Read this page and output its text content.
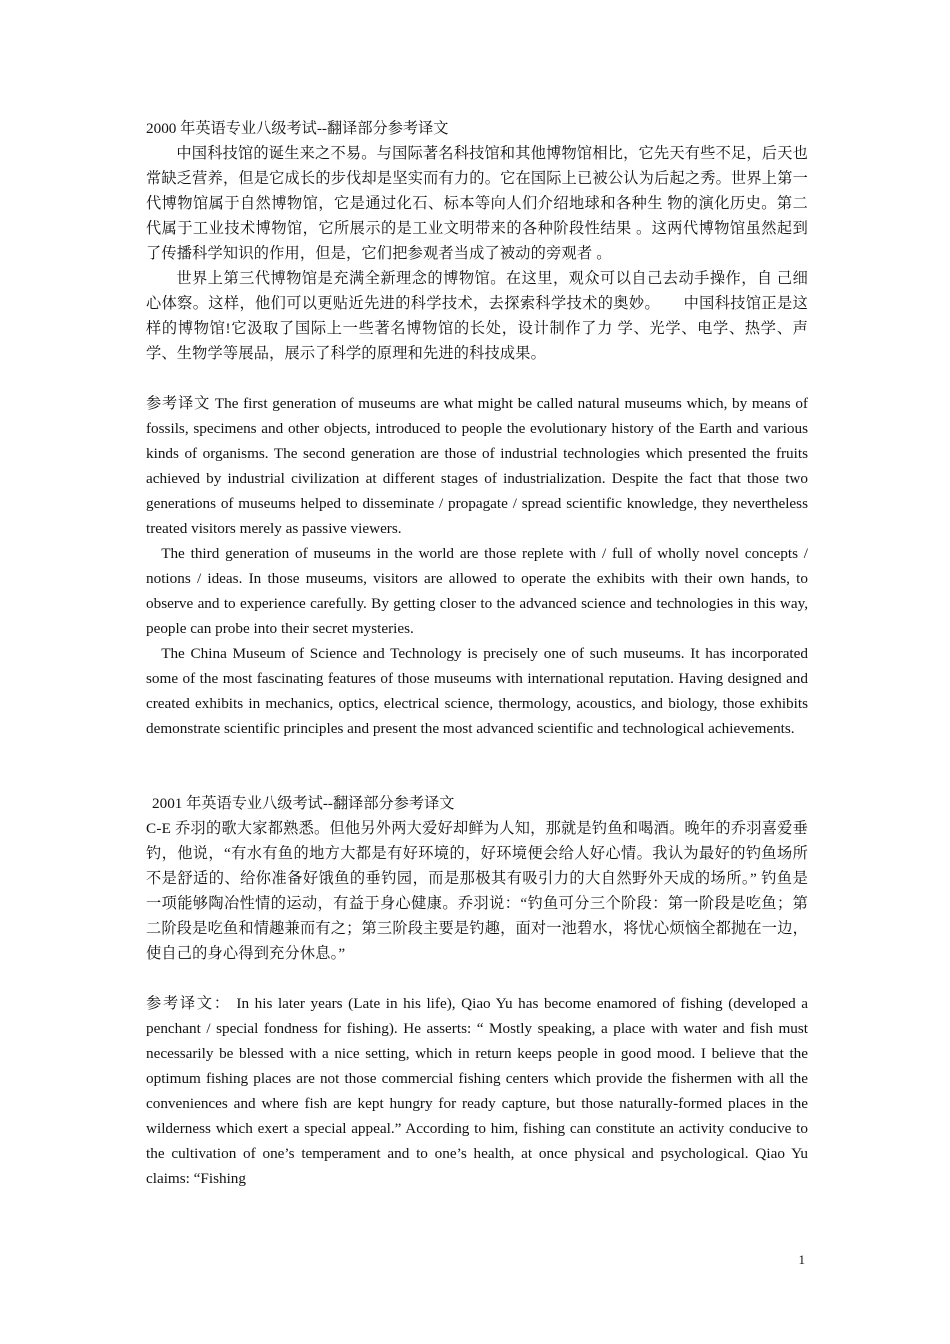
2000 年英语专业八级考试--翻译部分参考译文

中国科技馆的诞生来之不易。与国际著名科技馆和其他博物馆相比，它先天有些不足，后天也常缺乏营养，但是它成长的步伐却是坚实而有力的。它在国际上已被公认为后起之秀。世界上第一代博物馆属于自然博物馆，它是通过化石、标本等向人们介绍地球和各种生 物的演化历史。第二代属于工业技术博物馆，它所展示的是工业文明带来的各种阶段性结果 。这两代博物馆虽然起到了传播科学知识的作用，但是，它们把参观者当成了被动的旁观者 。

世界上第三代博物馆是充满全新理念的博物馆。在这里，观众可以自己去动手操作，自 己细心体察。这样，他们可以更贴近先进的科学技术，去探索科学技术的奥妙。　　中国科技馆正是这样的博物馆!它汲取了国际上一些著名博物馆的长处，设计制作了力 学、光学、电学、热学、声学、生物学等展品，展示了科学的原理和先进的科技成果。

参考译文 The first generation of museums are what might be called natural museums which, by means of fossils, specimens and other objects, introduced to people the evolutionary history of the Earth and various kinds of organisms. The second generation are those of industrial technologies which presented the fruits achieved by industrial civilization at different stages of industrialization. Despite the fact that those two generations of museums helped to disseminate / propagate / spread scientific knowledge, they nevertheless treated visitors merely as passive viewers.

The third generation of museums in the world are those replete with / full of wholly novel concepts / notions / ideas. In those museums, visitors are allowed to operate the exhibits with their own hands, to observe and to experience carefully. By getting closer to the advanced science and technologies in this way, people can probe into their secret mysteries.

The China Museum of Science and Technology is precisely one of such museums. It has incorporated some of the most fascinating features of those museums with international reputation. Having designed and created exhibits in mechanics, optics, electrical science, thermology, acoustics, and biology, those exhibits demonstrate scientific principles and present the most advanced scientific and technological achievements.

2001 年英语专业八级考试--翻译部分参考译文

C-E 乔羽的歌大家都熟悉。但他另外两大爱好却鲜为人知，那就是钓鱼和喝酒。晚年的乔羽喜爱垂钓，他说，“有水有鱼的地方大都是有好环境的，好环境便会给人好心情。我认为最好的钓鱼场所不是舒适的、给你准备好饿鱼的垂钓园，而是那极其有吸引力的大自然野外天成的场所。” 钓鱼是一项能够陶冶性情的运动，有益于身心健康。乔羽说：“钓鱼可分三个阶段：第一阶段是吃鱼；第二阶段是吃鱼和情趣兼而有之；第三阶段主要是钓趣，面对一池碧水，将忧心烦恼全都抛在一边，使自己的身心得到充分休息。”

参考译文： In his later years (Late in his life), Qiao Yu has become enamored of fishing (developed a penchant / special fondness for fishing). He asserts: “ Mostly speaking, a place with water and fish must necessarily be blessed with a nice setting, which in return keeps people in good mood. I believe that the optimum fishing places are not those commercial fishing centers which provide the fishermen with all the conveniences and where fish are kept hungry for ready capture, but those naturally-formed places in the wilderness which exert a special appeal.” According to him, fishing can constitute an activity conducive to the cultivation of one’s temperament and to one’s health, at once physical and psychological. Qiao Yu claims: “Fishing

1
